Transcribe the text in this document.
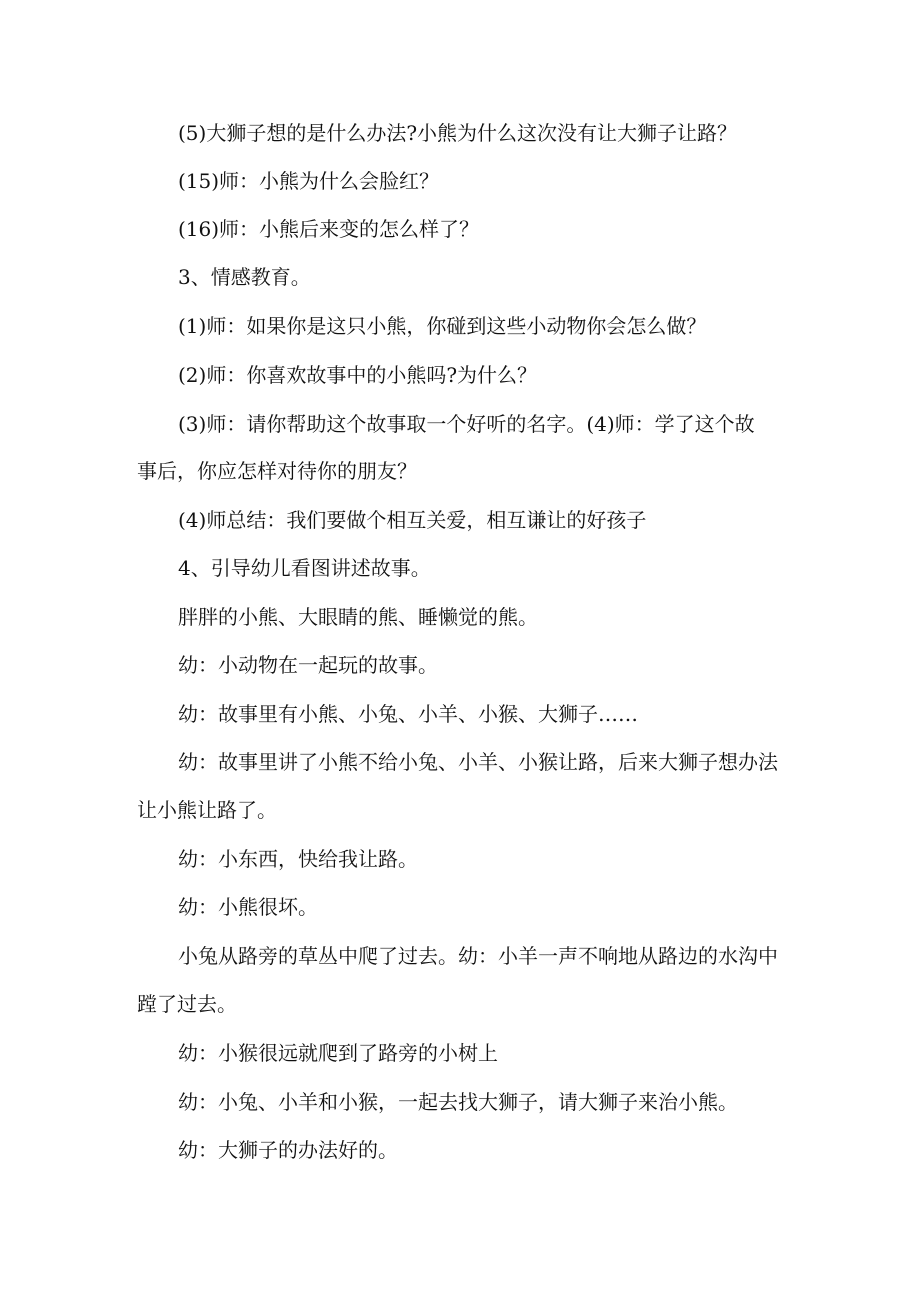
(5)大狮子想的是什么办法?小熊为什么这次没有让大狮子让路？
(15)师：小熊为什么会脸红？
(16)师：小熊后来变的怎么样了？
3、情感教育。
(1)师：如果你是这只小熊，你碰到这些小动物你会怎么做？
(2)师：你喜欢故事中的小熊吗?为什么？
(3)师：请你帮助这个故事取一个好听的名字。(4)师：学了这个故
事后，你应怎样对待你的朋友？
(4)师总结：我们要做个相互关爱，相互谦让的好孩子
4、引导幼儿看图讲述故事。
胖胖的小熊、大眼睛的熊、睡懒觉的熊。
幼：小动物在一起玩的故事。
幼：故事里有小熊、小兔、小羊、小猴、大狮子……
幼：故事里讲了小熊不给小兔、小羊、小猴让路，后来大狮子想办法
让小熊让路了。
幼：小东西，快给我让路。
幼：小熊很坏。
小兔从路旁的草丛中爬了过去。幼：小羊一声不响地从路边的水沟中
蹚了过去。
幼：小猴很远就爬到了路旁的小树上
幼：小兔、小羊和小猴，一起去找大狮子，请大狮子来治小熊。
幼：大狮子的办法好的。
